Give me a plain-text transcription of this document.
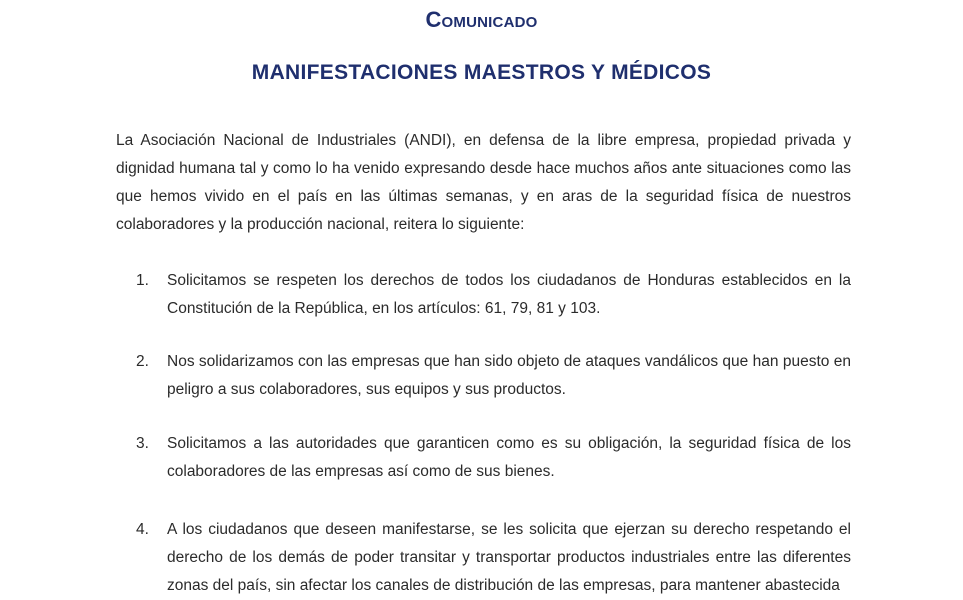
Comunicado
MANIFESTACIONES MAESTROS Y MÉDICOS

La Asociación Nacional de Industriales (ANDI), en defensa de la libre empresa, propiedad privada y dignidad humana tal y como lo ha venido expresando desde hace muchos años ante situaciones como las que hemos vivido en el país en las últimas semanas, y en aras de la seguridad física de nuestros colaboradores y la producción nacional, reitera lo siguiente:

1.	Solicitamos se respeten los derechos de todos los ciudadanos de Honduras establecidos en la Constitución de la República, en los artículos: 61, 79, 81 y 103.

2.	Nos solidarizamos con las empresas que han sido objeto de ataques vandálicos que han puesto en peligro a sus colaboradores, sus equipos y sus productos.

3.	Solicitamos a las autoridades que garanticen como es su obligación, la seguridad física de los colaboradores de las empresas así como de sus bienes.

4.	A los ciudadanos que deseen manifestarse, se les solicita que ejerzan su derecho respetando el derecho de los demás de poder transitar y transportar productos industriales entre las diferentes zonas del país, sin afectar los canales de distribución de las empresas, para mantener abastecida
